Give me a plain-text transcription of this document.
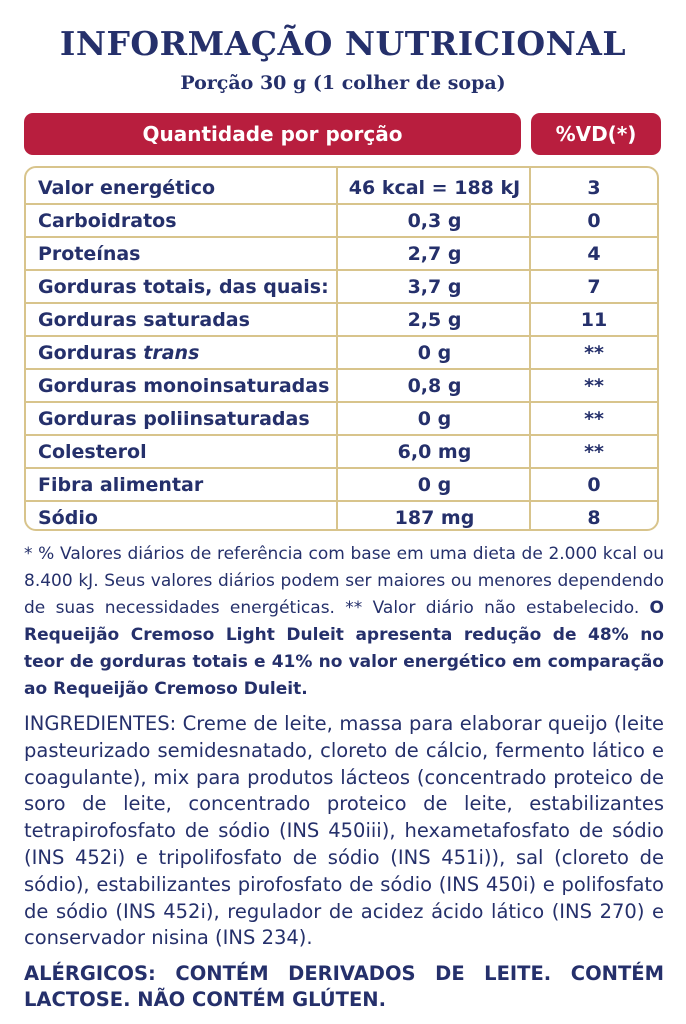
INFORMAÇÃO NUTRICIONAL
Porção 30 g (1 colher de sopa)
Quantidade por porção	%VD(*)
Valor energético	46 kcal = 188 kJ	3
Carboidratos	0,3 g	0
Proteínas	2,7 g	4
Gorduras totais, das quais:	3,7 g	7
Gorduras saturadas	2,5 g	11
Gorduras trans	0 g	**
Gorduras monoinsaturadas	0,8 g	**
Gorduras poliinsaturadas	0 g	**
Colesterol	6,0 mg	**
Fibra alimentar	0 g	0
Sódio	187 mg	8
* % Valores diários de referência com base em uma dieta de 2.000 kcal ou 8.400 kJ. Seus valores diários podem ser maiores ou menores dependendo de suas necessidades energéticas. ** Valor diário não estabelecido. O Requeijão Cremoso Light Duleit apresenta redução de 48% no teor de gorduras totais e 41% no valor energético em comparação ao Requeijão Cremoso Duleit.
INGREDIENTES: Creme de leite, massa para elaborar queijo (leite pasteurizado semidesnatado, cloreto de cálcio, fermento lático e coagulante), mix para produtos lácteos (concentrado proteico de soro de leite, concentrado proteico de leite, estabilizantes tetrapirofosfato de sódio (INS 450iii), hexametafosfato de sódio (INS 452i) e tripolifosfato de sódio (INS 451i)), sal (cloreto de sódio), estabilizantes pirofosfato de sódio (INS 450i) e polifosfato de sódio (INS 452i), regulador de acidez ácido lático (INS 270) e conservador nisina (INS 234).
ALÉRGICOS: CONTÉM DERIVADOS DE LEITE. CONTÉM LACTOSE. NÃO CONTÉM GLÚTEN.
